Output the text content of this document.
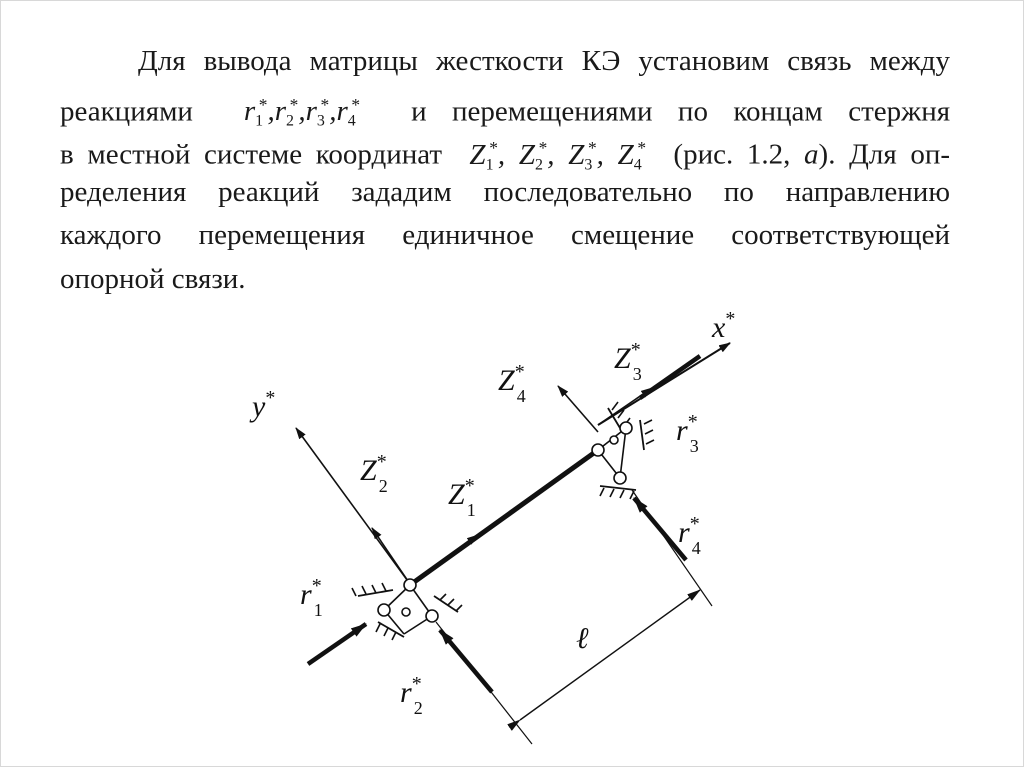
Для вывода матрицы жесткости КЭ установим связь между
реакциями $r_1^*,r_2^*,r_3^*,r_4^*$ и перемещениями по концам стержня
в местной системе координат $Z_1^*$, $Z_2^*$, $Z_3^*$, $Z_4^*$ (рис. 1.2, а). Для оп-
ределения реакций зададим последовательно по направлению
каждого перемещения единичное смещение соответствующей
опорной связи.
x*
y*
Z* 2 Z* 1
Z* 4
Z* 3
r* 1
r* 2
r* 3
r* 4
ℓ
